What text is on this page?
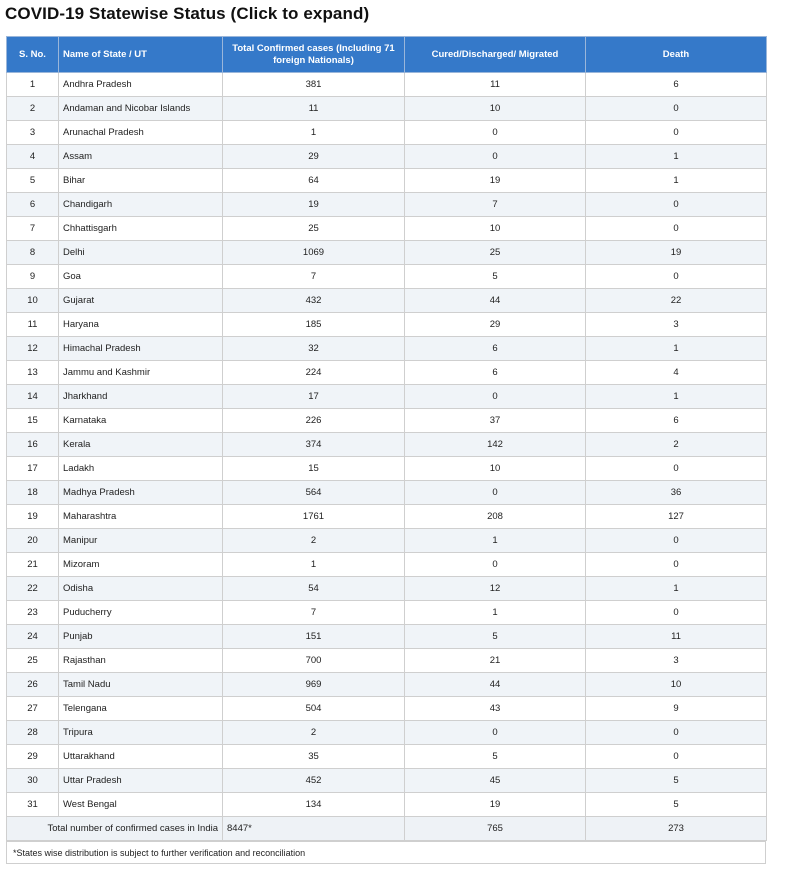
COVID-19 Statewise Status (Click to expand)
S. No.	Name of State / UT	Total Confirmed cases (Including 71 foreign Nationals)	Cured/Discharged/ Migrated	Death
1	Andhra Pradesh	381	11	6
2	Andaman and Nicobar Islands	11	10	0
3	Arunachal Pradesh	1	0	0
4	Assam	29	0	1
5	Bihar	64	19	1
6	Chandigarh	19	7	0
7	Chhattisgarh	25	10	0
8	Delhi	1069	25	19
9	Goa	7	5	0
10	Gujarat	432	44	22
11	Haryana	185	29	3
12	Himachal Pradesh	32	6	1
13	Jammu and Kashmir	224	6	4
14	Jharkhand	17	0	1
15	Karnataka	226	37	6
16	Kerala	374	142	2
17	Ladakh	15	10	0
18	Madhya Pradesh	564	0	36
19	Maharashtra	1761	208	127
20	Manipur	2	1	0
21	Mizoram	1	0	0
22	Odisha	54	12	1
23	Puducherry	7	1	0
24	Punjab	151	5	11
25	Rajasthan	700	21	3
26	Tamil Nadu	969	44	10
27	Telengana	504	43	9
28	Tripura	2	0	0
29	Uttarakhand	35	5	0
30	Uttar Pradesh	452	45	5
31	West Bengal	134	19	5
Total number of confirmed cases in India		8447*	765	273
*States wise distribution is subject to further verification and reconciliation
